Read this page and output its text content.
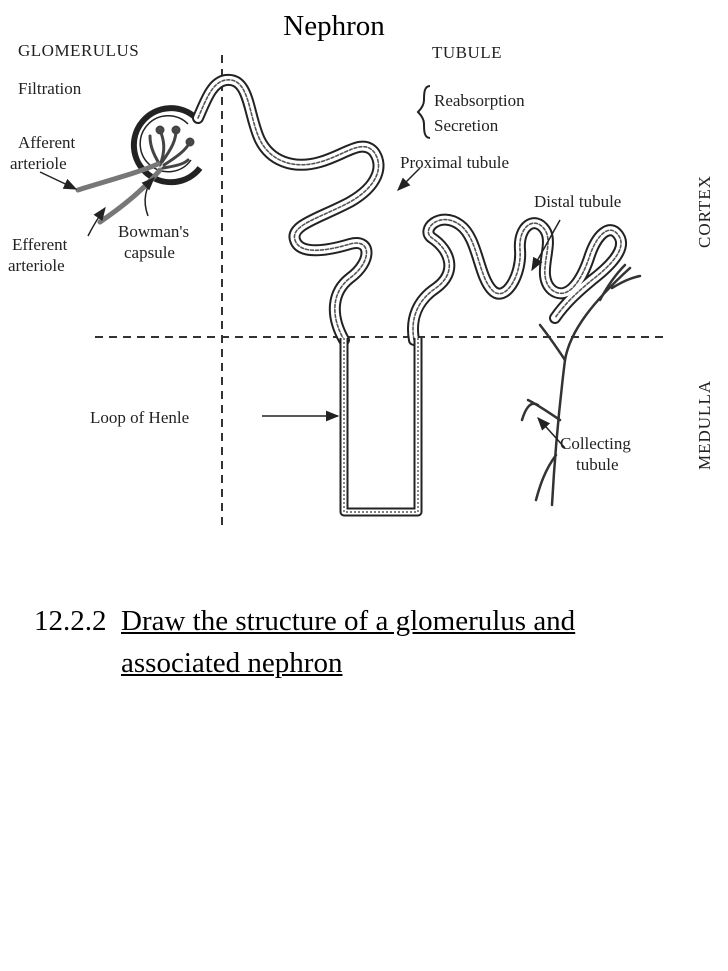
Nephron
GLOMERULUS	TUBULE
CORTEX
MEDULLA
Filtration
Afferent
arteriole
Efferent
arteriole
Bowman's
capsule
Reabsorption
Secretion
Proximal tubule
Distal tubule
Loop of Henle
Collecting
tubule
12.2.2 Draw the structure of a glomerulus and
associated nephron
